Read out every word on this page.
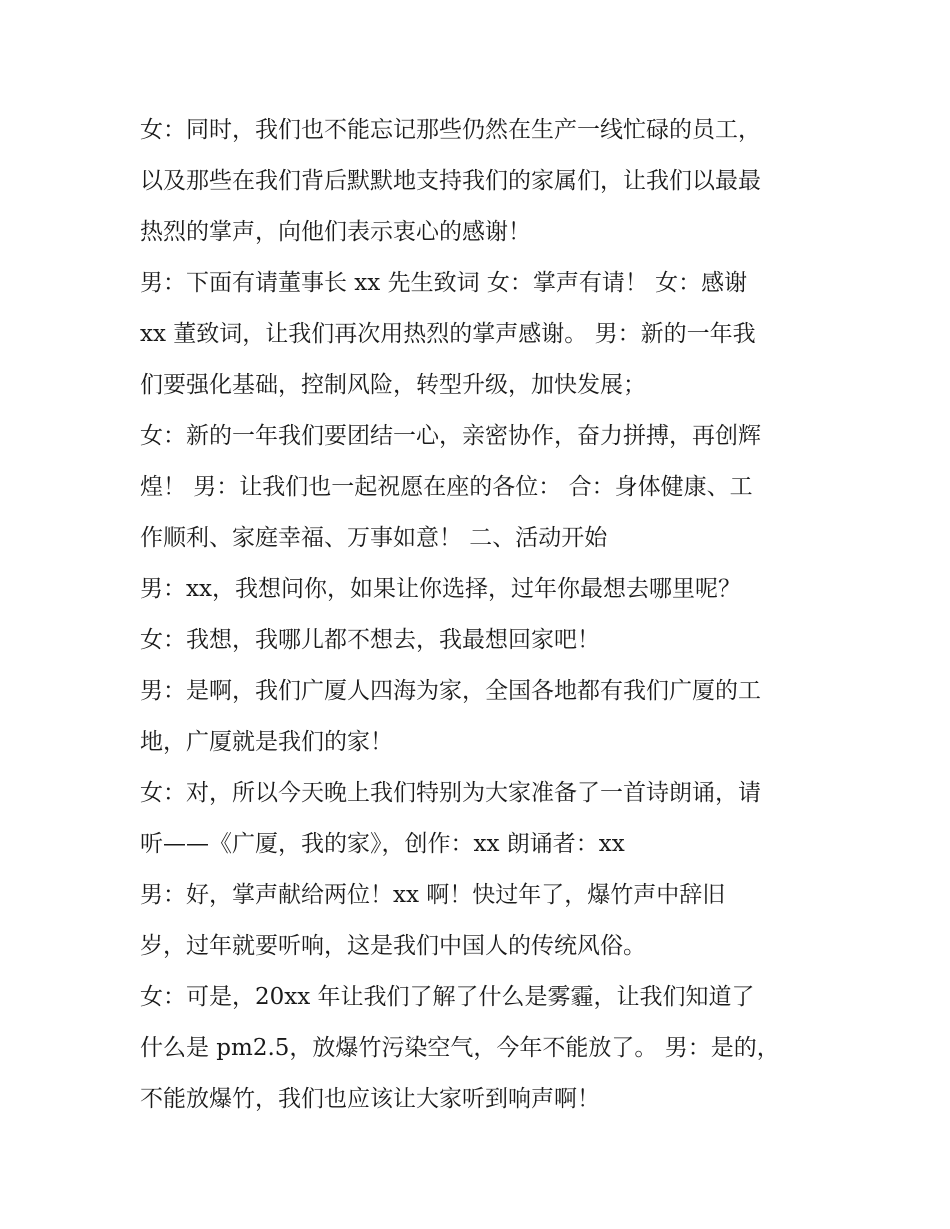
女：同时，我们也不能忘记那些仍然在生产一线忙碌的员工，
以及那些在我们背后默默地支持我们的家属们，让我们以最最
热烈的掌声，向他们表示衷心的感谢！
男：下面有请董事长 xx 先生致词 女：掌声有请！ 女：感谢
xx 董致词，让我们再次用热烈的掌声感谢。 男：新的一年我
们要强化基础，控制风险，转型升级，加快发展；
女：新的一年我们要团结一心，亲密协作，奋力拼搏，再创辉
煌！ 男：让我们也一起祝愿在座的各位： 合：身体健康、工
作顺利、家庭幸福、万事如意！ 二、活动开始
男：xx，我想问你，如果让你选择，过年你最想去哪里呢？
女：我想，我哪儿都不想去，我最想回家吧！
男：是啊，我们广厦人四海为家，全国各地都有我们广厦的工
地，广厦就是我们的家！
女：对，所以今天晚上我们特别为大家准备了一首诗朗诵，请
听——《广厦，我的家》，创作：xx 朗诵者：xx
男：好，掌声献给两位！xx 啊！快过年了，爆竹声中辞旧
岁，过年就要听响，这是我们中国人的传统风俗。
女：可是，20xx 年让我们了解了什么是雾霾，让我们知道了
什么是 pm2.5，放爆竹污染空气，今年不能放了。 男：是的，
不能放爆竹，我们也应该让大家听到响声啊！
